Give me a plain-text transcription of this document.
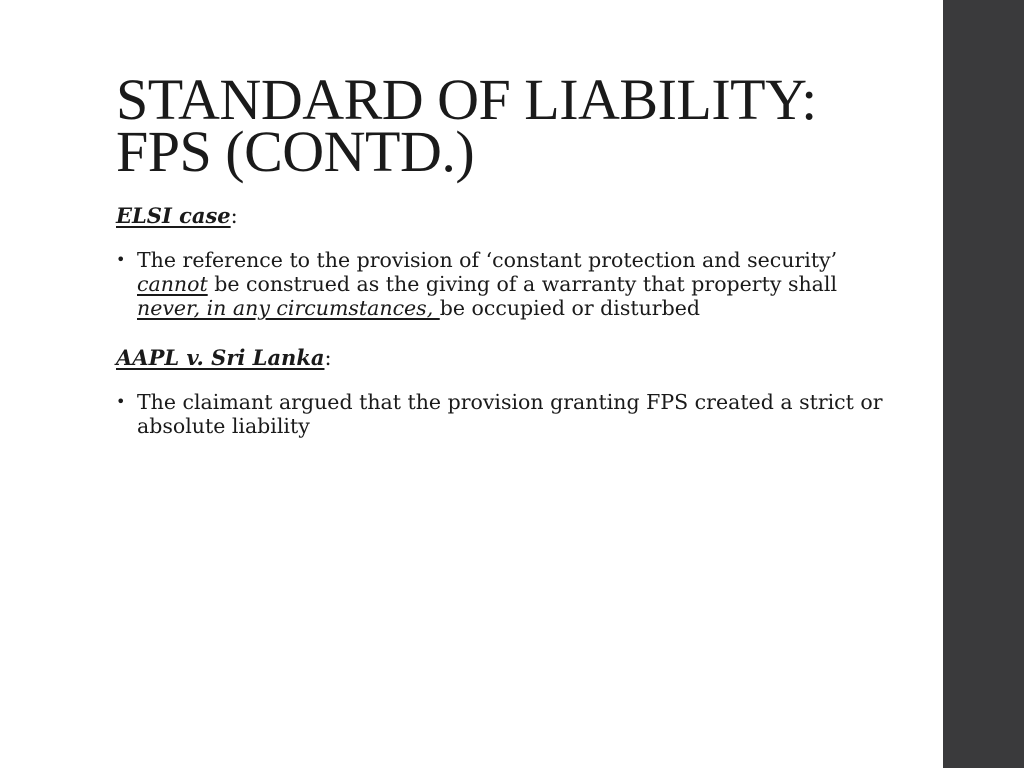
STANDARD OF LIABILITY:
FPS (CONTD.)

ELSI case:

• The reference to the provision of ‘constant protection and security’ cannot be construed as the giving of a warranty that property shall never, in any circumstances, be occupied or disturbed

AAPL v. Sri Lanka:

• The claimant argued that the provision granting FPS created a strict or absolute liability
